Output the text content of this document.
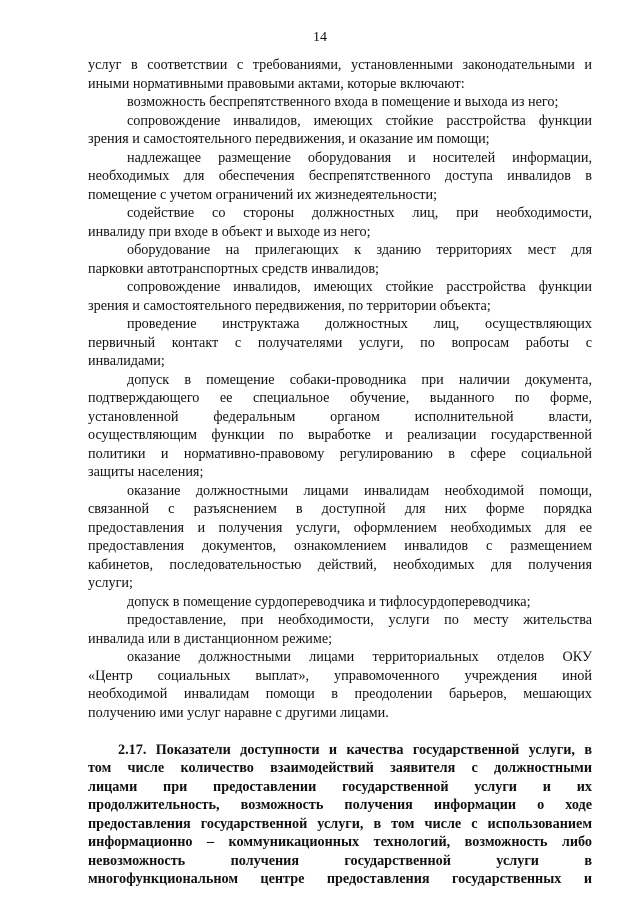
14
услуг в соответствии с требованиями, установленными законодательными и
иными нормативными правовыми актами, которые включают:
возможность беспрепятственного входа в помещение и выхода из него;
сопровождение инвалидов, имеющих стойкие расстройства функции
зрения и самостоятельного передвижения, и оказание им помощи;
надлежащее размещение оборудования и носителей информации,
необходимых для обеспечения беспрепятственного доступа инвалидов в
помещение с учетом ограничений их жизнедеятельности;
содействие со стороны должностных лиц, при необходимости,
инвалиду при входе в объект и выходе из него;
оборудование на прилегающих к зданию территориях мест для
парковки автотранспортных средств инвалидов;
сопровождение инвалидов, имеющих стойкие расстройства функции
зрения и самостоятельного передвижения, по территории объекта;
проведение инструктажа должностных лиц, осуществляющих
первичный контакт с получателями услуги, по вопросам работы с
инвалидами;
допуск в помещение собаки-проводника при наличии документа,
подтверждающего ее специальное обучение, выданного по форме,
установленной федеральным органом исполнительной власти,
осуществляющим функции по выработке и реализации государственной
политики и нормативно-правовому регулированию в сфере социальной
защиты населения;
оказание должностными лицами инвалидам необходимой помощи,
связанной с разъяснением в доступной для них форме порядка
предоставления и получения услуги, оформлением необходимых для ее
предоставления документов, ознакомлением инвалидов с размещением
кабинетов, последовательностью действий, необходимых для получения
услуги;
допуск в помещение сурдопереводчика и тифлосурдопереводчика;
предоставление, при необходимости, услуги по месту жительства
инвалида или в дистанционном режиме;
оказание должностными лицами территориальных отделов ОКУ
«Центр социальных выплат», управомоченного учреждения иной
необходимой инвалидам помощи в преодолении барьеров, мешающих
получению ими услуг наравне с другими лицами.
2.17. Показатели доступности и качества государственной услуги, в
том числе количество взаимодействий заявителя с должностными
лицами при предоставлении государственной услуги и их
продолжительность, возможность получения информации о ходе
предоставления государственной услуги, в том числе с использованием
информационно – коммуникационных технологий, возможность либо
невозможность получения государственной услуги в
многофункциональном центре предоставления государственных и
